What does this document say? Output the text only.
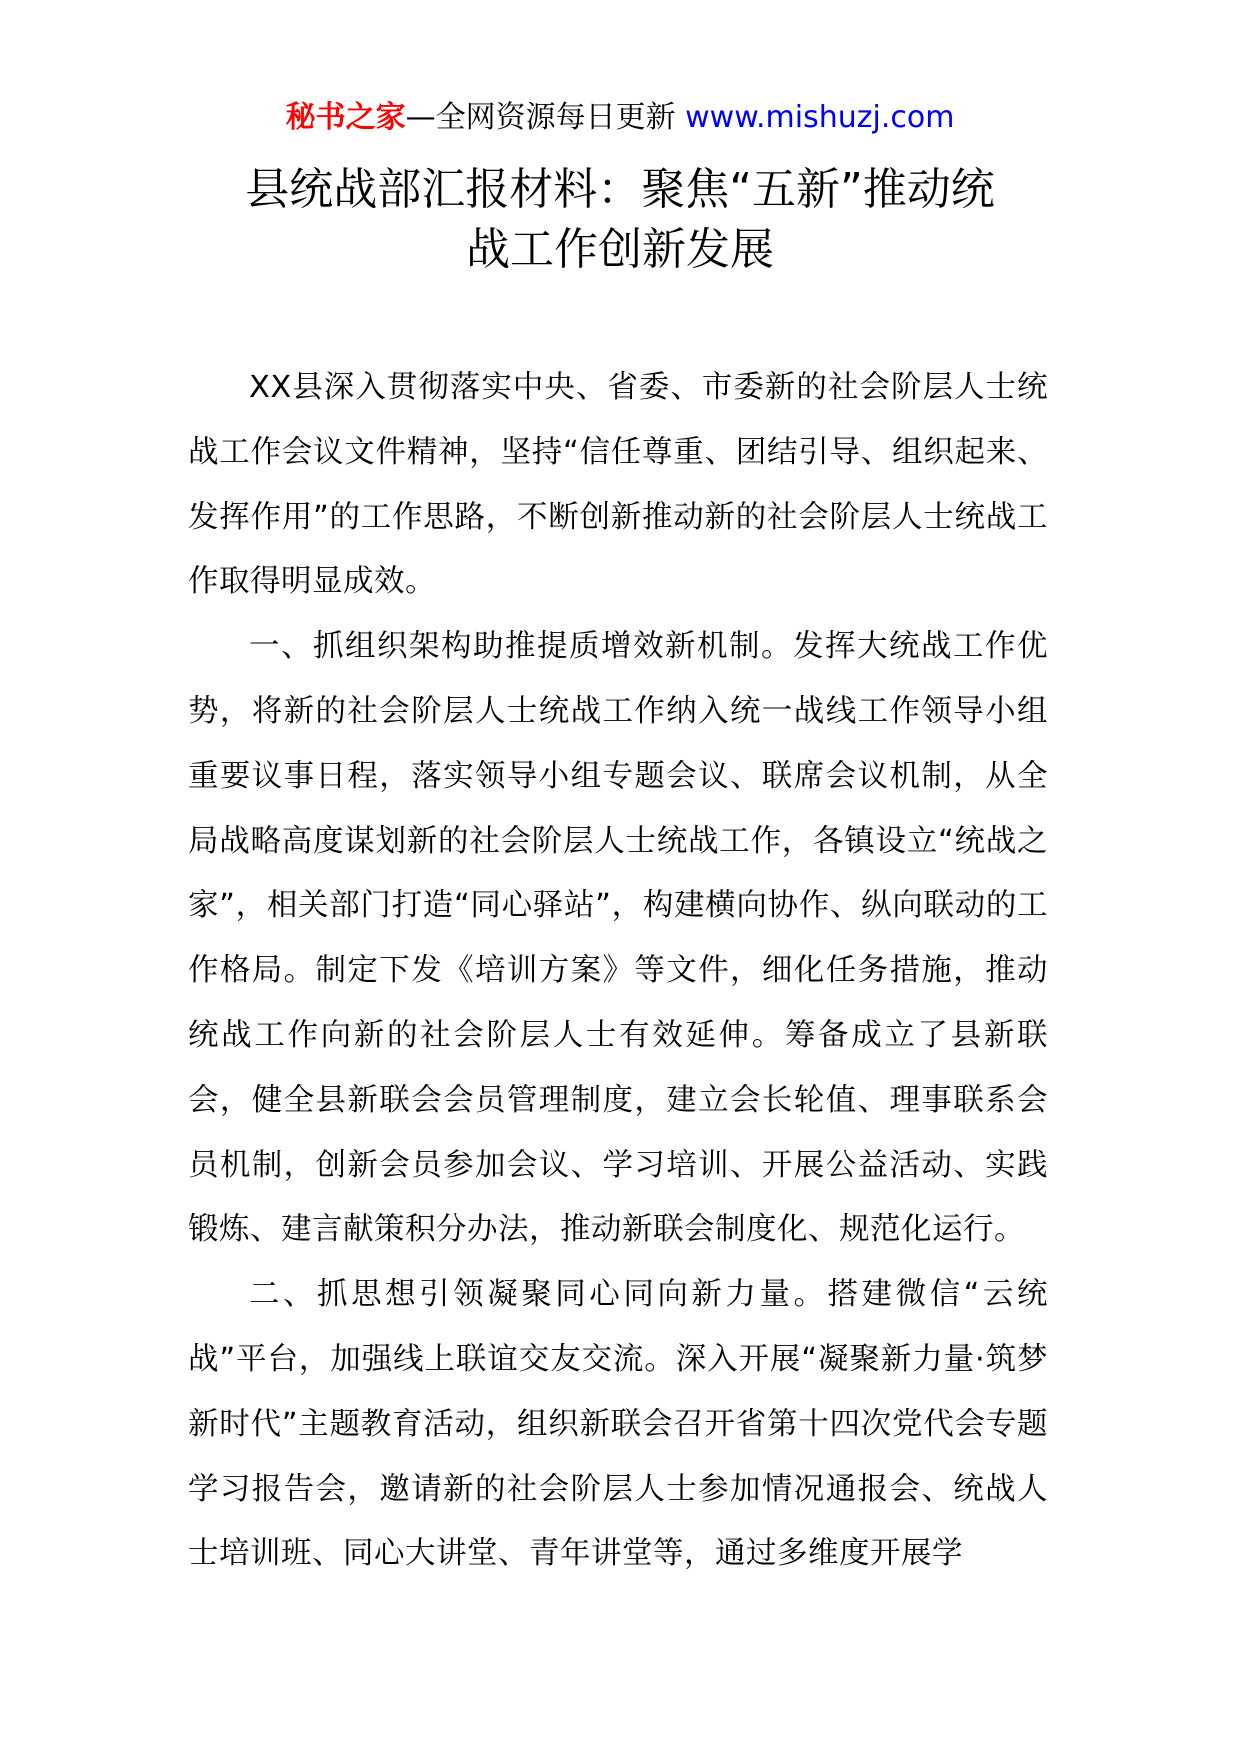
秘书之家—全网资源每日更新 www.mishuzj.com
县统战部汇报材料：聚焦“五新”推动统
战工作创新发展

XX县深入贯彻落实中央、省委、市委新的社会阶层人士统战工作会议文件精神，坚持“信任尊重、团结引导、组织起来、发挥作用”的工作思路，不断创新推动新的社会阶层人士统战工作取得明显成效。

一、抓组织架构助推提质增效新机制。发挥大统战工作优势，将新的社会阶层人士统战工作纳入统一战线工作领导小组重要议事日程，落实领导小组专题会议、联席会议机制，从全局战略高度谋划新的社会阶层人士统战工作，各镇设立“统战之家”，相关部门打造“同心驿站”，构建横向协作、纵向联动的工作格局。制定下发《培训方案》等文件，细化任务措施，推动统战工作向新的社会阶层人士有效延伸。筹备成立了县新联会，健全县新联会会员管理制度，建立会长轮值、理事联系会员机制，创新会员参加会议、学习培训、开展公益活动、实践锻炼、建言献策积分办法，推动新联会制度化、规范化运行。

二、抓思想引领凝聚同心同向新力量。搭建微信“云统战”平台，加强线上联谊交友交流。深入开展“凝聚新力量·筑梦新时代”主题教育活动，组织新联会召开省第十四次党代会专题学习报告会，邀请新的社会阶层人士参加情况通报会、统战人士培训班、同心大讲堂、青年讲堂等，通过多维度开展学
